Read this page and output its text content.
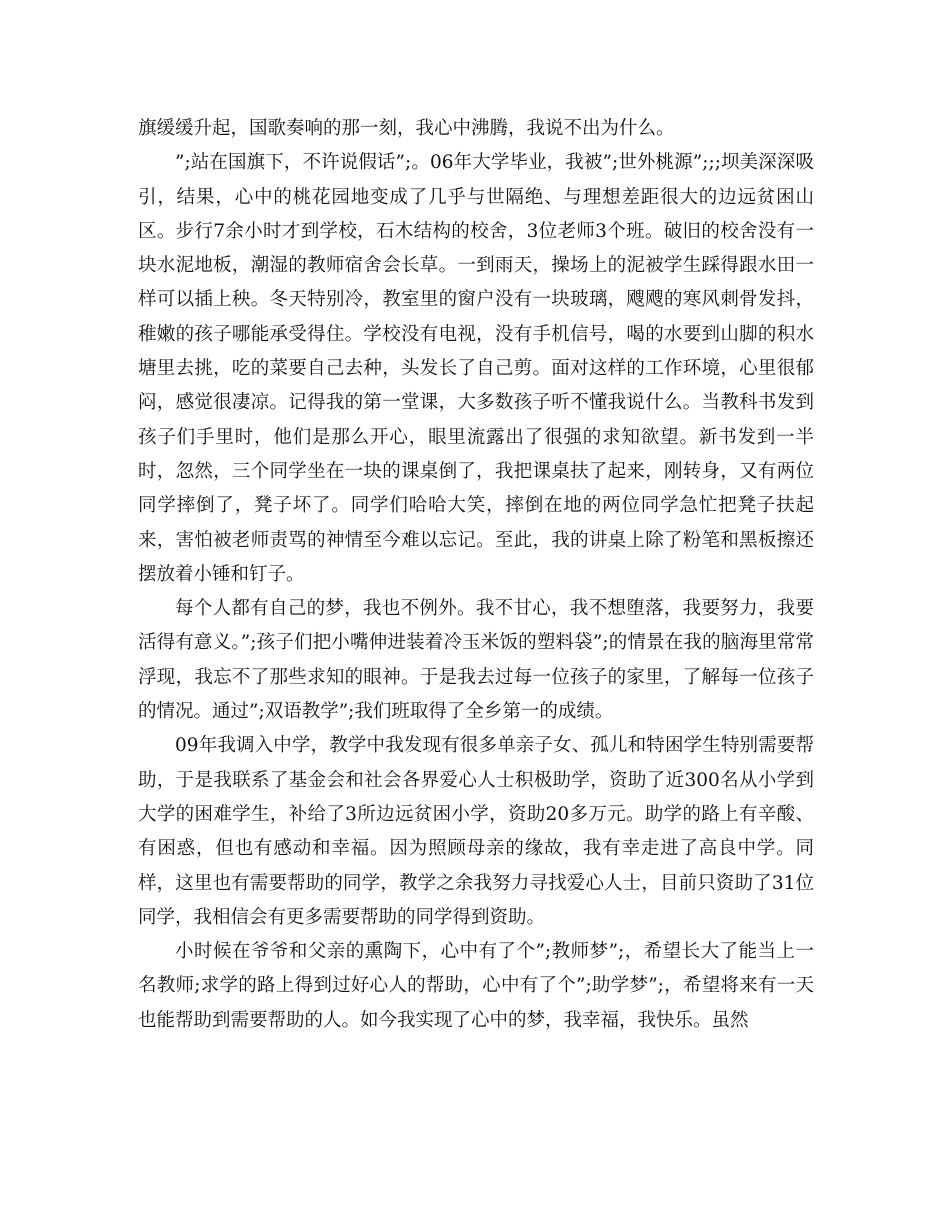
旗缓缓升起，国歌奏响的那一刻，我心中沸腾，我说不出为什么。

”;站在国旗下，不许说假话”;。06年大学毕业，我被”;世外桃源”;;;坝美深深吸引，结果，心中的桃花园地变成了几乎与世隔绝、与理想差距很大的边远贫困山区。步行7余小时才到学校，石木结构的校舍，3位老师3个班。破旧的校舍没有一块水泥地板，潮湿的教师宿舍会长草。一到雨天，操场上的泥被学生踩得跟水田一样可以插上秧。冬天特别冷，教室里的窗户没有一块玻璃，飕飕的寒风刺骨发抖，稚嫩的孩子哪能承受得住。学校没有电视，没有手机信号，喝的水要到山脚的积水塘里去挑，吃的菜要自己去种，头发长了自己剪。面对这样的工作环境，心里很郁闷，感觉很凄凉。记得我的第一堂课，大多数孩子听不懂我说什么。当教科书发到孩子们手里时，他们是那么开心，眼里流露出了很强的求知欲望。新书发到一半时，忽然，三个同学坐在一块的课桌倒了，我把课桌扶了起来，刚转身，又有两位同学摔倒了，凳子坏了。同学们哈哈大笑，摔倒在地的两位同学急忙把凳子扶起来，害怕被老师责骂的神情至今难以忘记。至此，我的讲桌上除了粉笔和黑板擦还摆放着小锤和钉子。

每个人都有自己的梦，我也不例外。我不甘心，我不想堕落，我要努力，我要活得有意义。”;孩子们把小嘴伸进装着冷玉米饭的塑料袋”;的情景在我的脑海里常常浮现，我忘不了那些求知的眼神。于是我去过每一位孩子的家里，了解每一位孩子的情况。通过”;双语教学”;我们班取得了全乡第一的成绩。

09年我调入中学，教学中我发现有很多单亲子女、孤儿和特困学生特别需要帮助，于是我联系了基金会和社会各界爱心人士积极助学，资助了近300名从小学到大学的困难学生，补给了3所边远贫困小学，资助20多万元。助学的路上有辛酸、有困惑，但也有感动和幸福。因为照顾母亲的缘故，我有幸走进了高良中学。同样，这里也有需要帮助的同学，教学之余我努力寻找爱心人士，目前只资助了31位同学，我相信会有更多需要帮助的同学得到资助。

小时候在爷爷和父亲的熏陶下，心中有了个”;教师梦”;，希望长大了能当上一名教师;求学的路上得到过好心人的帮助，心中有了个”;助学梦”;，希望将来有一天也能帮助到需要帮助的人。如今我实现了心中的梦，我幸福，我快乐。虽然
